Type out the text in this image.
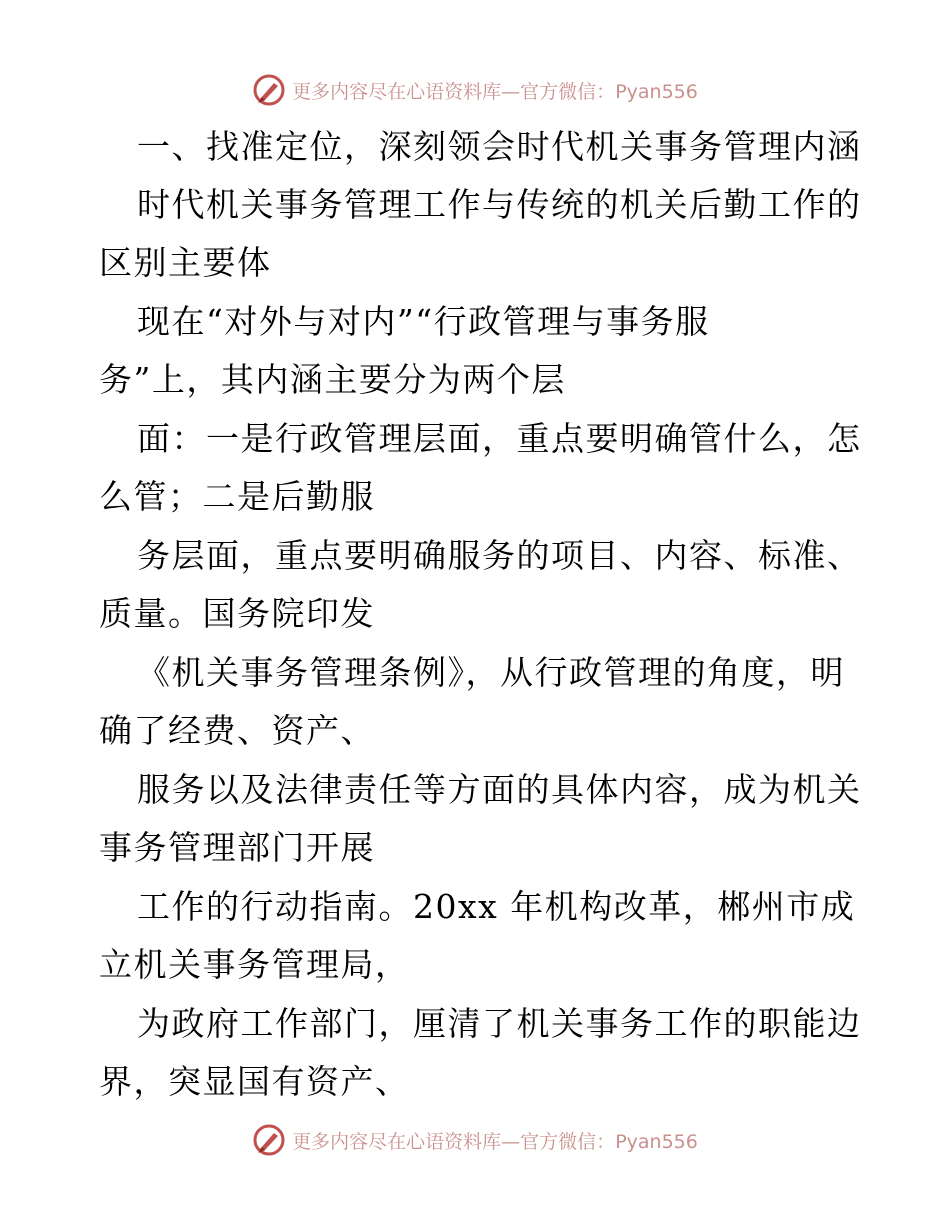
更多内容尽在心语资料库—官方微信：Pyan556
一、找准定位，深刻领会时代机关事务管理内涵
时代机关事务管理工作与传统的机关后勤工作的
区别主要体
现在“对外与对内”“行政管理与事务服
务”上，其内涵主要分为两个层
面：一是行政管理层面，重点要明确管什么，怎
么管；二是后勤服
务层面，重点要明确服务的项目、内容、标准、
质量。国务院印发
《机关事务管理条例》，从行政管理的角度，明
确了经费、资产、
服务以及法律责任等方面的具体内容，成为机关
事务管理部门开展
工作的行动指南。20xx 年机构改革，郴州市成
立机关事务管理局，
为政府工作部门，厘清了机关事务工作的职能边
界，突显国有资产、
更多内容尽在心语资料库—官方微信：Pyan556
